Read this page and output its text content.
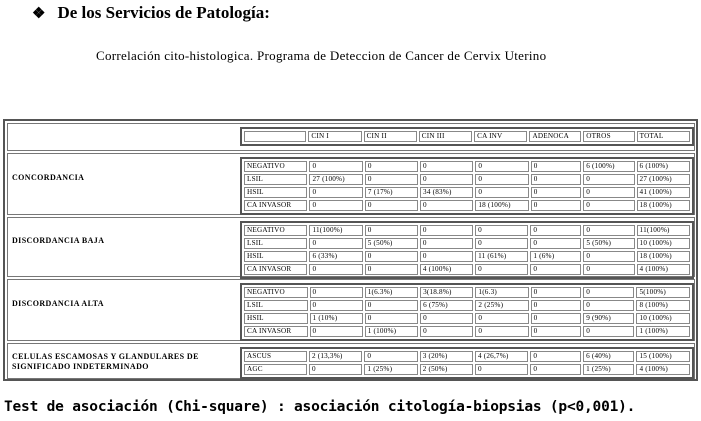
❖ De los Servicios de Patología:
Correlación cito-histologica. Programa de Deteccion de Cancer de Cervix Uterino
	CIN I	CIN II	CIN III	CA INV	ADENOCA	OTROS	TOTAL
CONCORDANCIA
NEGATIVO	0	0	0	0	0	6 (100%)	6 (100%)
LSIL	27 (100%)	0	0	0	0	0	27 (100%)
HSIL	0	7 (17%)	34 (83%)	0	0	0	41 (100%)
CA INVASOR	0	0	0	18 (100%)	0	0	18 (100%)
DISCORDANCIA BAJA
NEGATIVO	11(100%)	0	0	0	0	0	11(100%)
LSIL	0	5 (50%)	0	0	0	5 (50%)	10 (100%)
HSIL	6 (33%)	0	0	11 (61%)	1 (6%)	0	18 (100%)
CA INVASOR	0	0	4 (100%)	0	0	0	4 (100%)
DISCORDANCIA ALTA
NEGATIVO	0	1(6.3%)	3(18.8%)	1(6.3)	0	0	5(100%)
LSIL	0	0	6 (75%)	2 (25%)	0	0	8 (100%)
HSIL	1 (10%)	0	0	0	0	9 (90%)	10 (100%)
CA INVASOR	0	1 (100%)	0	0	0	0	1 (100%)
CELULAS ESCAMOSAS Y GLANDULARES DE SIGNIFICADO INDETERMINADO
ASCUS	2 (13,3%)	0	3 (20%)	4 (26,7%)	0	6 (40%)	15 (100%)
AGC	0	1 (25%)	2 (50%)	0	0	1 (25%)	4 (100%)
Test de asociación (Chi-square) : asociación citología-biopsias (p<0,001).
